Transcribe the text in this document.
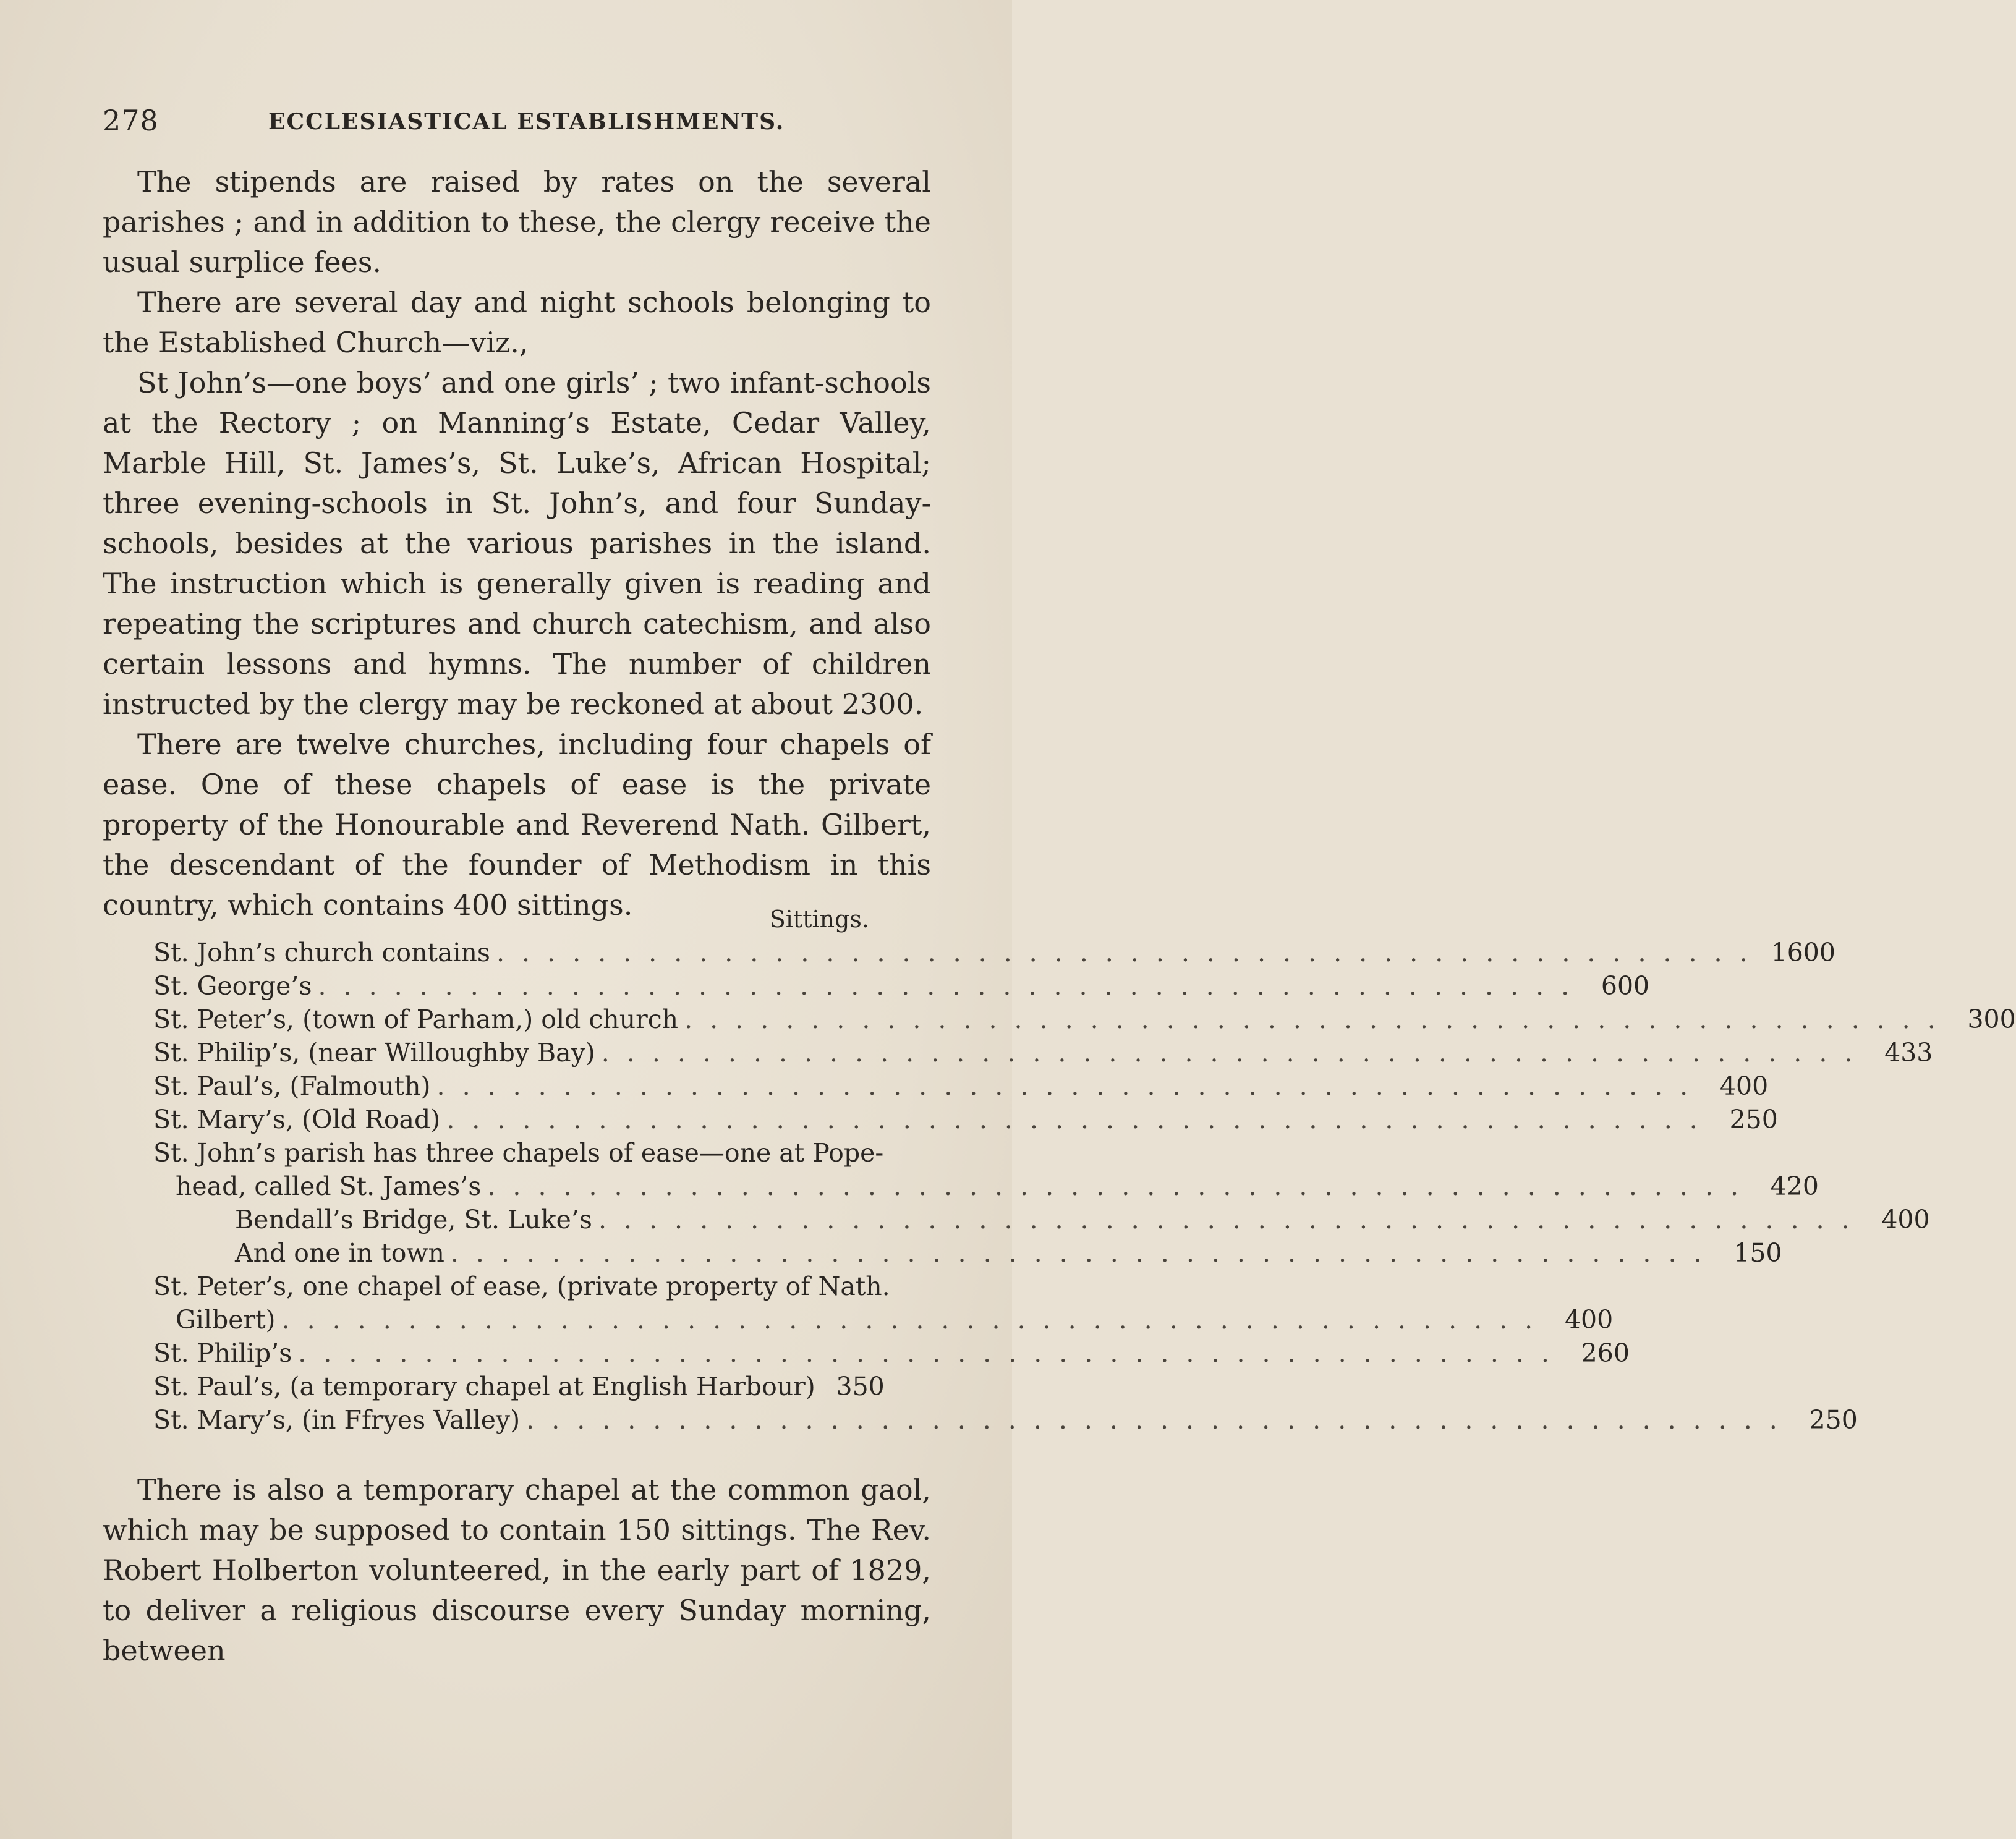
278	ECCLESIASTICAL ESTABLISHMENTS.

The stipends are raised by rates on the several parishes ; and in addition to these, the clergy receive the usual surplice fees.

There are several day and night schools belonging to the Established Church—viz.,

St John’s—one boys’ and one girls’ ; two infant-schools at the Rectory ; on Manning’s Estate, Cedar Valley, Marble Hill, St. James’s, St. Luke’s, African Hospital; three evening-schools in St. John’s, and four Sunday-schools, besides at the various parishes in the island. The instruction which is generally given is reading and repeating the scriptures and church catechism, and also certain lessons and hymns. The number of children instructed by the clergy may be reckoned at about 2300.

There are twelve churches, including four chapels of ease. One of these chapels of ease is the private property of the Honourable and Reverend Nath. Gilbert, the descendant of the founder of Methodism in this country, which contains 400 sittings.	Sittings.
St. John’s church contains .................................................. 1600
St. George’s .................................................. 600
St. Peter’s, (town of Parham,) old church .................................................. 300
St. Philip’s, (near Willoughby Bay) .................................................. 433
St. Paul’s, (Falmouth) .................................................. 400
St. Mary’s, (Old Road) .................................................. 250
St. John’s parish has three chapels of ease—one at Pope-
head, called St. James’s .................................................. 420
Bendall’s Bridge, St. Luke’s .................................................. 400
And one in town .................................................. 150
St. Peter’s, one chapel of ease, (private property of Nath.
Gilbert) .................................................. 400
St. Philip’s .................................................. 260
St. Paul’s, (a temporary chapel at English Harbour) 350
St. Mary’s, (in Ffryes Valley) .................................................. 250

There is also a temporary chapel at the common gaol, which may be supposed to contain 150 sittings. The Rev. Robert Holberton volunteered, in the early part of 1829, to deliver a religious discourse every Sunday morning, between
